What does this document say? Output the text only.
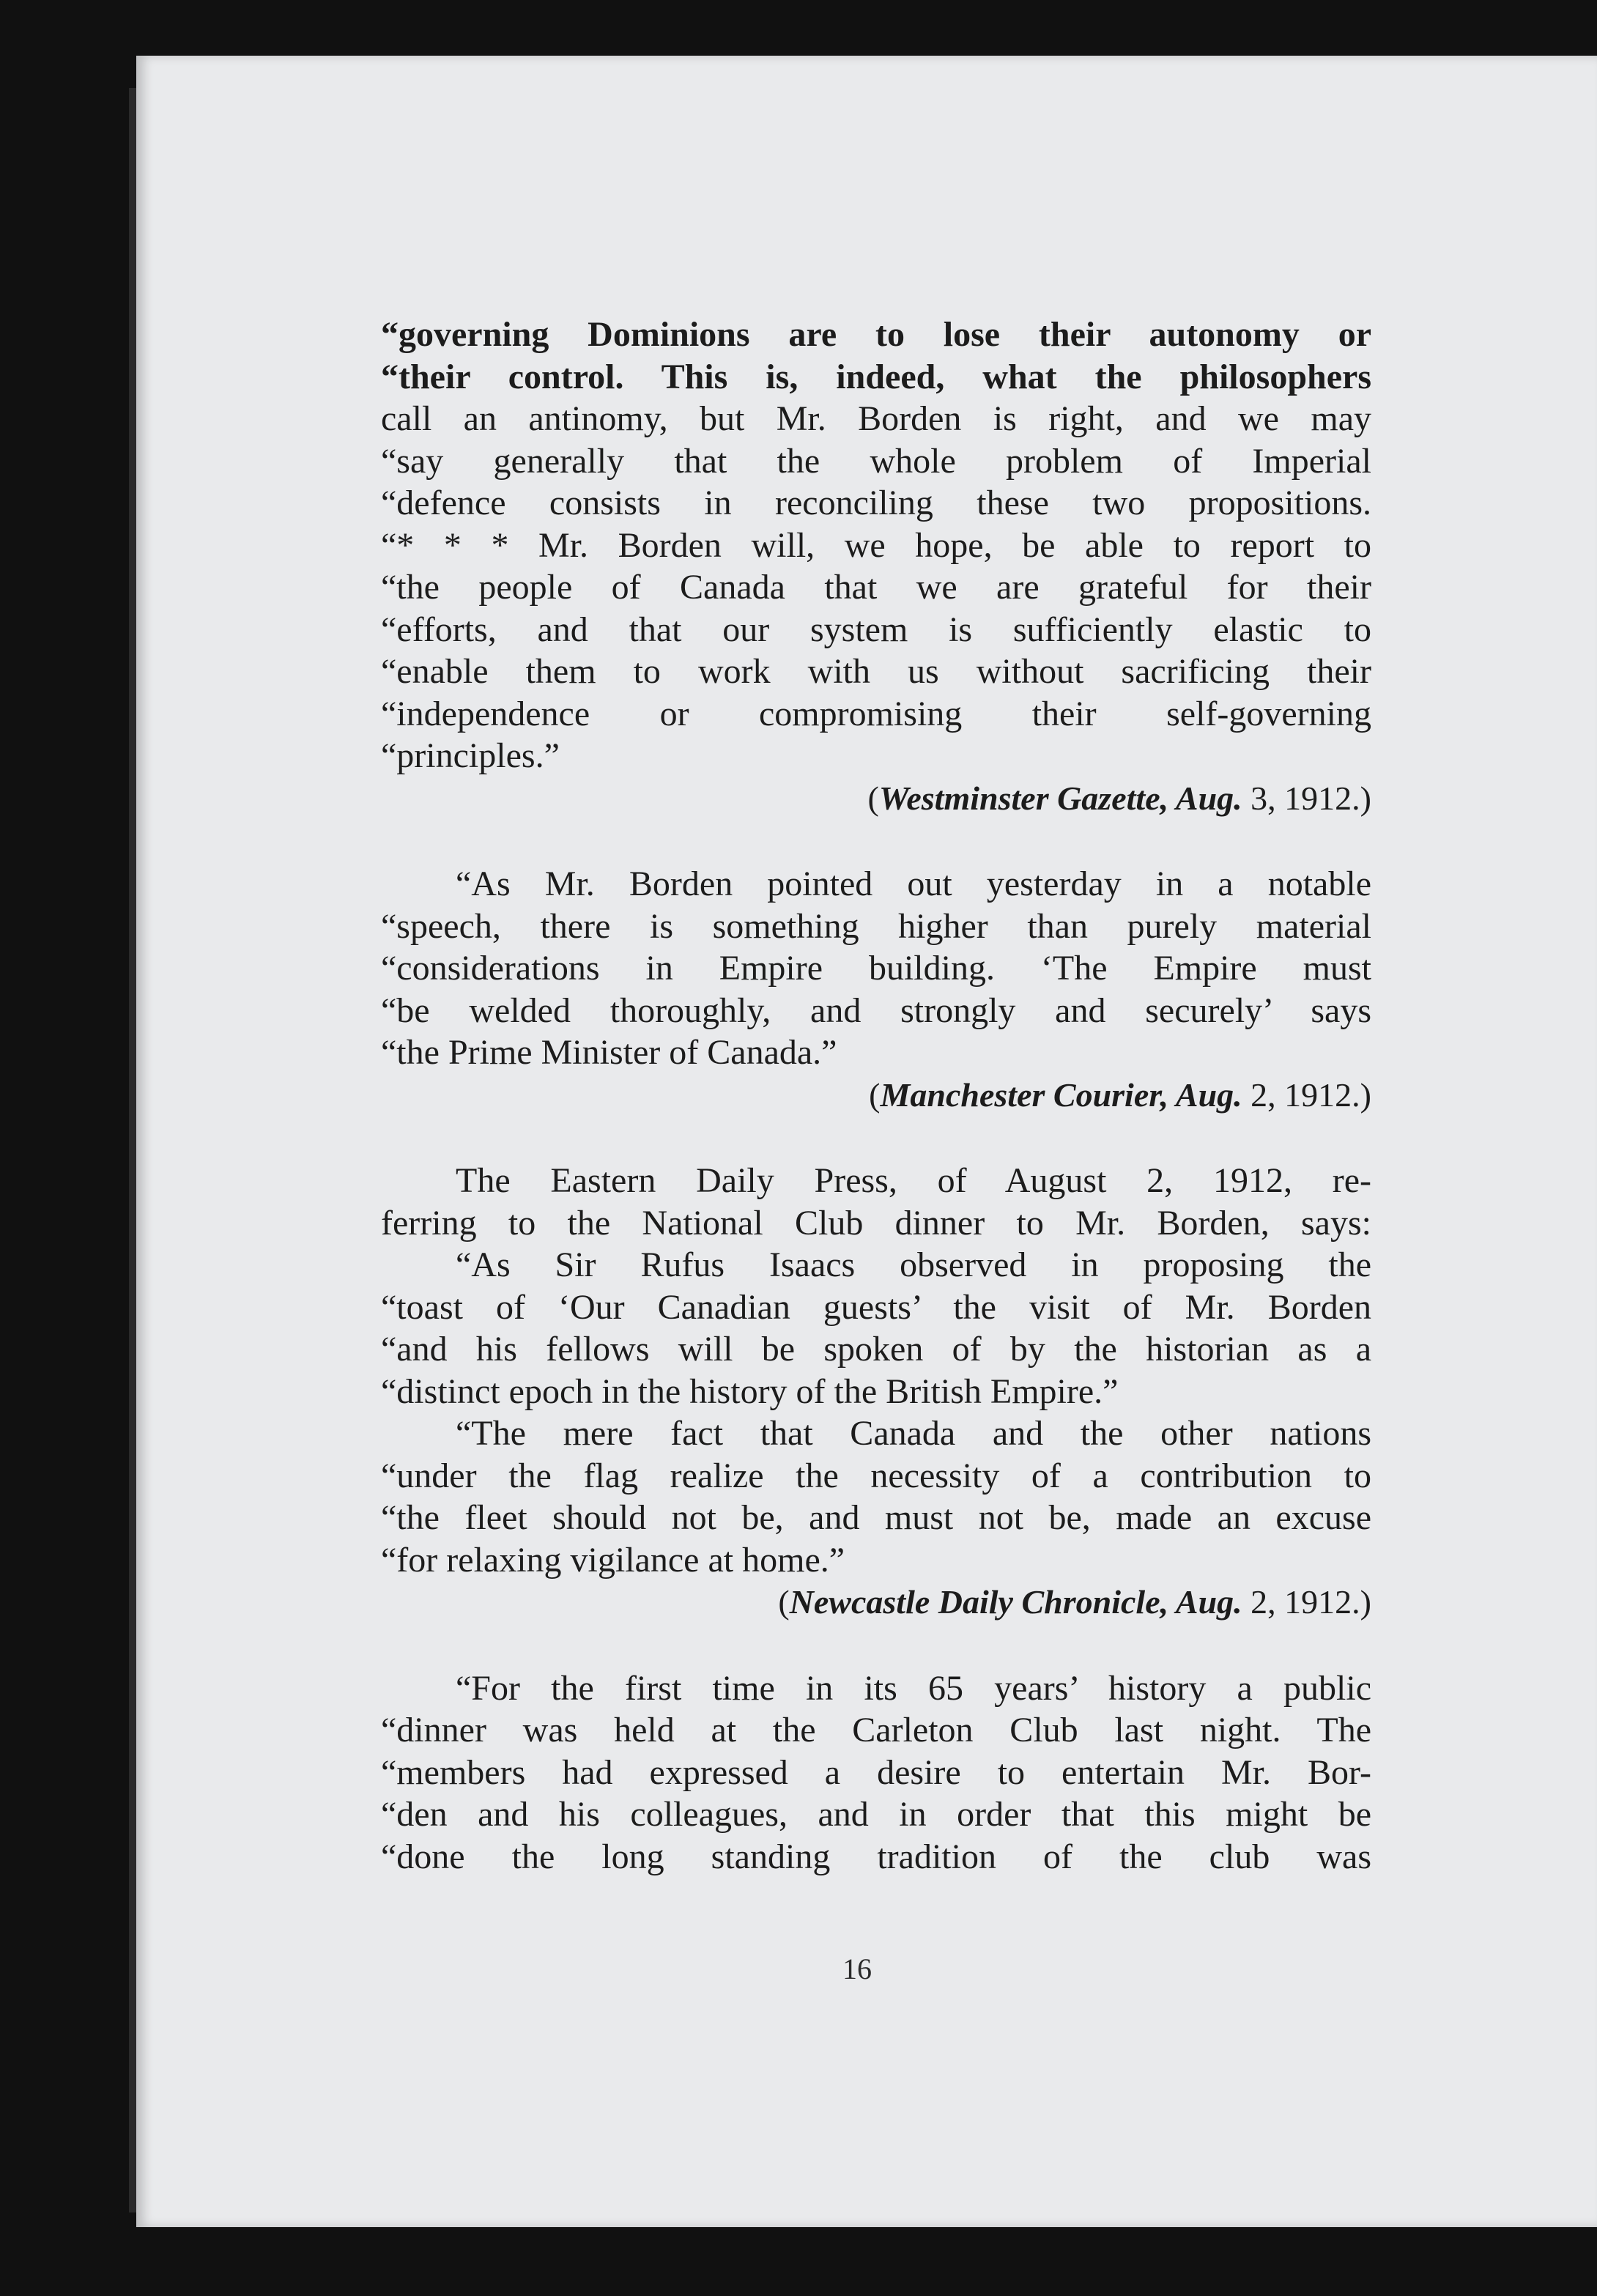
“governing Dominions are to lose their autonomy or
“their control. This is, indeed, what the philosophers
call an antinomy, but Mr. Borden is right, and we may
“say generally that the whole problem of Imperial
“defence consists in reconciling these two propositions.
“* * * Mr. Borden will, we hope, be able to report to
“the people of Canada that we are grateful for their
“efforts, and that our system is sufficiently elastic to
“enable them to work with us without sacrificing their
“independence or compromising their self-governing
“principles.”
(Westminster Gazette, Aug. 3, 1912.)
“As Mr. Borden pointed out yesterday in a notable
“speech, there is something higher than purely material
“considerations in Empire building. ‘The Empire must
“be welded thoroughly, and strongly and securely’ says
“the Prime Minister of Canada.”
(Manchester Courier, Aug. 2, 1912.)
The Eastern Daily Press, of August 2, 1912, re-
ferring to the National Club dinner to Mr. Borden, says:
“As Sir Rufus Isaacs observed in proposing the
“toast of ‘Our Canadian guests’ the visit of Mr. Borden
“and his fellows will be spoken of by the historian as a
“distinct epoch in the history of the British Empire.”
“The mere fact that Canada and the other nations
“under the flag realize the necessity of a contribution to
“the fleet should not be, and must not be, made an excuse
“for relaxing vigilance at home.”
(Newcastle Daily Chronicle, Aug. 2, 1912.)
“For the first time in its 65 years’ history a public
“dinner was held at the Carleton Club last night. The
“members had expressed a desire to entertain Mr. Bor-
“den and his colleagues, and in order that this might be
“done the long standing tradition of the club was
16
